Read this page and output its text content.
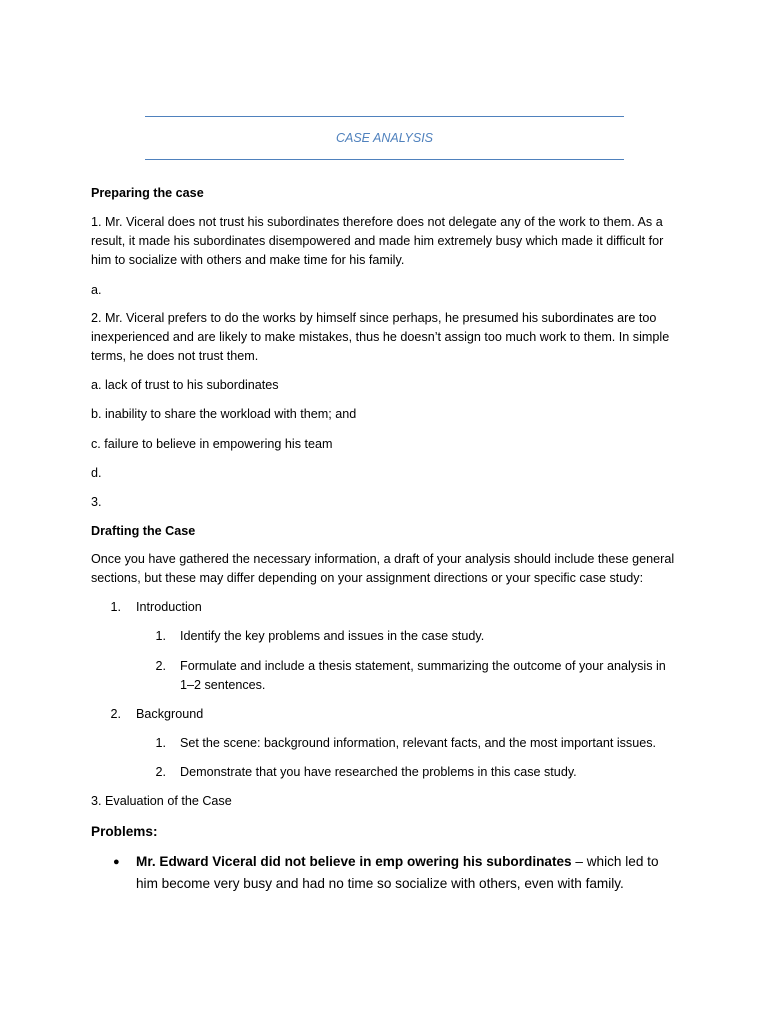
CASE ANALYSIS
Preparing the case
1. Mr. Viceral does not trust his subordinates therefore does not delegate any of the work to them. As a
result, it made his subordinates disempowered and made him extremely busy which made it difficult for
him to socialize with others and make time for his family.
a.
2. Mr. Viceral prefers to do the works by himself since perhaps, he presumed his subordinates are too
inexperienced and are likely to make mistakes, thus he doesn’t assign too much work to them. In simple
terms, he does not trust them.
a. lack of trust to his subordinates
b. inability to share the workload with them; and
c. failure to believe in empowering his team
d.
3.
Drafting the Case
Once you have gathered the necessary information, a draft of your analysis should include these general
sections, but these may differ depending on your assignment directions or your specific case study:
1. Introduction
1. Identify the key problems and issues in the case study.
2. Formulate and include a thesis statement, summarizing the outcome of your analysis in
1–2 sentences.
2. Background
1. Set the scene: background information, relevant facts, and the most important issues.
2. Demonstrate that you have researched the problems in this case study.
3. Evaluation of the Case
Problems:
● Mr. Edward Viceral did not believe in emp owering his subordinates – which led to
him become very busy and had no time so socialize with others, even with family.
